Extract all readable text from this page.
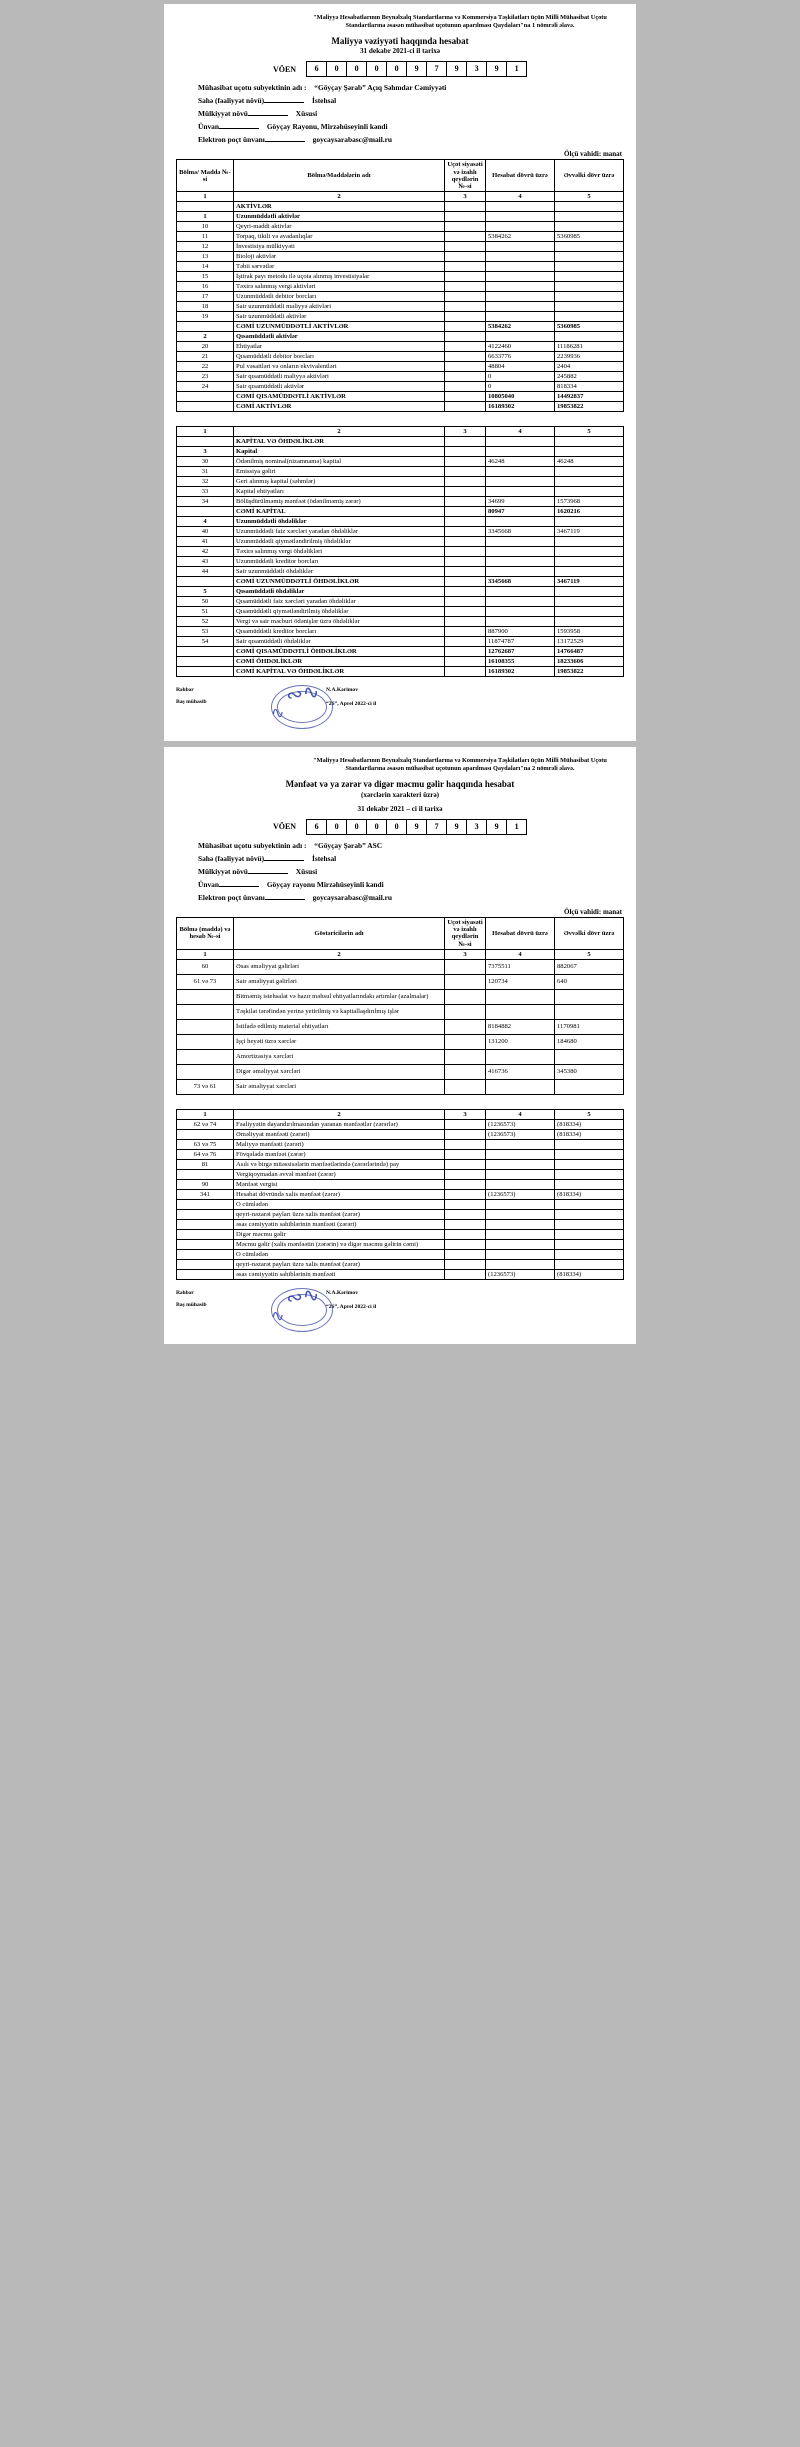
"Maliyyə Hesabatlarının Beynəlxalq Standartlarına və Kommersiya Təşkilatları üçün Milli Mühasibat Uçotu Standartlarına əsasən mühasibat uçotunun aparılması Qaydaları"na 1 nömrəli əlavə.
Maliyyə vəziyyəti haqqında hesabat
31 dekabr 2021-ci il tarixə
VÖEN	6	0	0	0	0	9	7	9	3	9	1
Mühasibat uçotu subyektinin adı : “Göyçay Şərab” Açıq Səhmdar Cəmiyyəti
Sahə (fəaliyyət növü)	İstehsal
Mülkiyyət növü	Xüsusi
Ünvan	Göyçay Rayonu, Mirzəhüseyinli kəndi
Elektron poçt ünvanı	goycaysarabasc@mail.ru
Ölçü vahidi: manat
Bölmə/ Maddə №-si	Bölmə/Maddələrin adı	Uçot siyasəti və izahlı qeydlərin №-si	Hesabat dövrü üzrə	Əvvəlki dövr üzrə
1	2	3	4	5
	AKTİVLƏR			
1	Uzunmüddətli aktivlər			
10	Qeyri-maddi aktivlər			
11	Torpaq, tikili və avadanlıqlar		5384262	5360985
12	İnvestisiya mülkiyyəti			
13	Bioloji aktivlər			
14	Təbii sərvətlər			
15	İştirak payı metodu ilə uçota alınmış investisiyalar			
16	Təxirə salınmış vergi aktivləri			
17	Uzunmüddətli debitor borcları			
18	Sair uzunmüddətli maliyyə aktivləri			
19	Sair uzunmüddətli aktivlər			
	CƏMİ UZUNMÜDDƏTLİ AKTİVLƏR		5384262	5360985
2	Qısamüddətli aktivlər			
20	Ehtiyatlar		4122460	11186281
21	Qısamüddətli debitor borcları		6633776	2239936
22	Pul vəsaitləri və onların ekvivalentləri		48804	2404
23	Sair qısamüddətli maliyyə aktivləri		0	245882
24	Sair qısamüddətli aktivlər		0	818334
	CƏMİ QISAMÜDDƏTLİ AKTİVLƏR		10805040	14492837
	CƏMİ AKTİVLƏR		16189302	19853822
1	2	3	4	5
	KAPİTAL VƏ ÖHDƏLİKLƏR			
3	Kapital			
30	Ödənilmiş nominal(nizamnamə) kapital		46248	46248
31	Emissiya gəliri			
32	Geri alınmış kapital (səhmlər)			
33	Kapital ehtiyatları			
34	Bölüşdürülməmiş mənfəət (ödənilməmiş zərər)		34699	1573968
	CƏMİ KAPİTAL		80947	1620216
4	Uzunmüddətli öhdəliklər			
40	Uzunmüddətli faiz xərcləri yaradan öhdəliklər		3345668	3467119
41	Uzunmüddətli qiymətləndirilmiş öhdəliklər			
42	Təxirə salınmış vergi öhdəlikləri			
43	Uzunmüddətli kreditor borcları			
44	Sair uzunmüddətli öhdəliklər			
	CƏMİ UZUNMÜDDƏTLİ ÖHDƏLİKLƏR		3345668	3467119
5	Qısamüddətli öhdəliklər			
50	Qısamüddətli faiz xərcləri yaradan öhdəliklər			
51	Qısamüddətli qiymətləndirilmiş öhdəliklər			
52	Vergi və sair məcburi ödənişlər üzrə öhdəliklər			
53	Qısamüddətli kreditor borcları		887900	1593958
54	Sair qısamüddətli öhdəliklər		11874787	13172529
	CƏMİ QISAMÜDDƏTLİ ÖHDƏLİKLƏR		12762687	14766487
	CƏMİ ÖHDƏLİKLƏR		16108355	18233606
	CƏMİ KAPİTAL VƏ ÖHDƏLİKLƏR		16189302	19853822
Rəhbər
Baş mühasib
N.A.Kərimov
“26”, Aprel 2022-ci il
∾∿
∿
"Maliyyə Hesabatlarının Beynəlxalq Standartlarına və Kommersiya Təşkilatları üçün Milli Mühasibat Uçotu Standartlarına əsasən mühasibat uçotunun aparılması Qaydaları"na 2 nömrəli əlavə.
Mənfəət və ya zərər və digər məcmu gəlir haqqında hesabat
(xərclərin xarakteri üzrə)
31 dekabr 2021 – ci il tarixə
VÖEN	6	0	0	0	0	9	7	9	3	9	1
Mühasibat uçotu subyektinin adı : “Göyçay Şərab” ASC
Sahə (fəaliyyət növü)	İstehsal
Mülkiyyət növü	Xüsusi
Ünvan	Göyçay rayonu Mirzəhüseyinli kəndi
Elektron poçt ünvanı	goycaysarabasc@mail.ru
Ölçü vahidi: manat
Bölmə (maddə) və hesab №-si	Göstəricilərin adı	Uçot siyasəti və izahlı qeydlərin №-si	Hesabat dövrü üzrə	Əvvəlki dövr üzrə
1	2	3	4	5
60	Əsas əməliyyat gəlirləri		7375511	882067
61 və 73	Sair əməliyyat gəlirləri		120734	640
	Bitməmiş istehsalat və hazır məhsul ehtiyatlarındakı artımlar (azalmalar)			
	Təşkilat tərəfindən yerinə yetirilmiş və kapitallaşdırılmış işlər			
	İstifadə edilmiş material ehtiyatları		8184882	1170981
	İşçi heyəti üzrə xərclər		131200	184680
	Amortizasiya xərcləri			
	Digər əməliyyat xərcləri		416736	345380
73 və 61	Sair əməliyyat xərcləri			
1	2	3	4	5
62 və 74	Fəaliyyətin dayandırılmasından yaranan mənfəətlər (zərərlər)		(1236573)	(818334)
	Əməliyyat mənfəəti (zərəri)		(1236573)	(818334)
63 və 75	Maliyyə mənfəəti (zərəri)			
64 və 76	Fövqəladə mənfəət (zərər)			
81	Asılı və birgə müəssisələrin mənfəətlərində (zərərlərində) pay			
	Vergiqoymadan əvvəl mənfəət (zərər)			
90	Mənfəət vergisi			
341	Hesabat dövründə xalis mənfəət (zərər)		(1236573)	(818334)
	O cümlədən			
	qeyri-nəzarət payları üzrə xalis mənfəət (zərər)			
	əsas cəmiyyətin sahiblərinin mənfəəti (zərəri)			
	Digər məcmu gəlir			
	Məcmu gəlir (xalis mənfəətin (zərərin) və digər məcmu gəlirin cəmi)			
	O cümlədən			
	qeyri-nəzarət payları üzrə xalis mənfəət (zərər)			
	əsas cəmiyyətin sahiblərinin mənfəəti		(1236573)	(818334)
Rəhbər
Baş mühasib
N.A.Kərimov
“26”, Aprel 2022-ci il
∾∿
∿
